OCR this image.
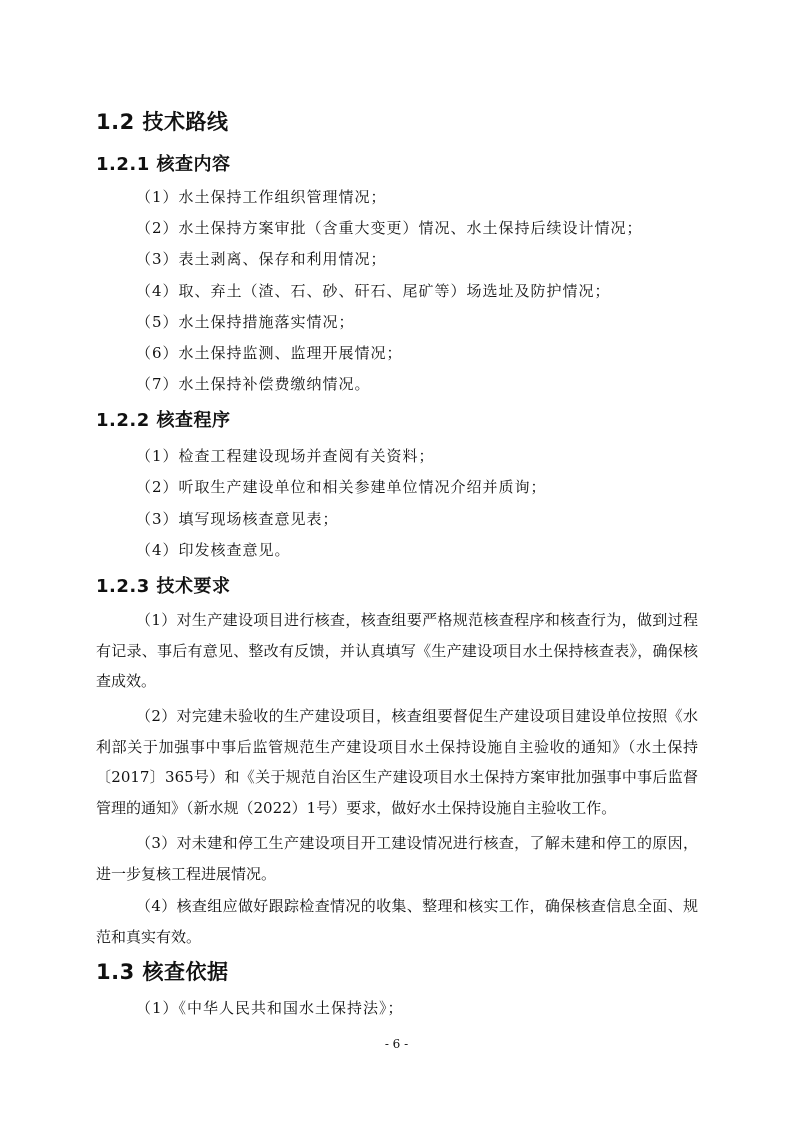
1.2 技术路线
1.2.1 核查内容
（1）水土保持工作组织管理情况；
（2）水土保持方案审批（含重大变更）情况、水土保持后续设计情况；
（3）表土剥离、保存和利用情况；
（4）取、弃土（渣、石、砂、矸石、尾矿等）场选址及防护情况；
（5）水土保持措施落实情况；
（6）水土保持监测、监理开展情况；
（7）水土保持补偿费缴纳情况。
1.2.2 核查程序
（1）检查工程建设现场并查阅有关资料；
（2）听取生产建设单位和相关参建单位情况介绍并质询；
（3）填写现场核查意见表；
（4）印发核查意见。
1.2.3 技术要求
（1）对生产建设项目进行核查，核查组要严格规范核查程序和核查行为，做到过程有记录、事后有意见、整改有反馈，并认真填写《生产建设项目水土保持核查表》，确保核查成效。
（2）对完建未验收的生产建设项目，核查组要督促生产建设项目建设单位按照《水利部关于加强事中事后监管规范生产建设项目水土保持设施自主验收的通知》（水土保持〔2017〕365号）和《关于规范自治区生产建设项目水土保持方案审批加强事中事后监督管理的通知》（新水规（2022）1号）要求，做好水土保持设施自主验收工作。
（3）对未建和停工生产建设项目开工建设情况进行核查，了解未建和停工的原因，进一步复核工程进展情况。
（4）核查组应做好跟踪检查情况的收集、整理和核实工作，确保核查信息全面、规范和真实有效。
1.3 核查依据
（1）《中华人民共和国水土保持法》；
- 6 -
